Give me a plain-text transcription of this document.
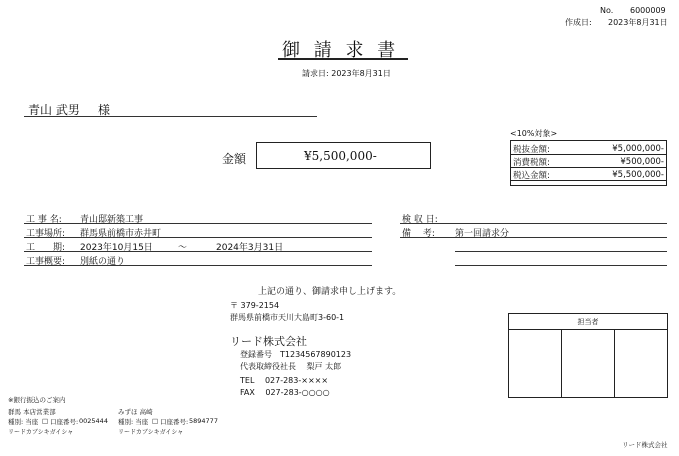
No. 6000009
作成日: 2023年8月31日
御 請 求 書
請求日: 2023年8月31日
青山 武男 様
金額	¥5,500,000-
<10%対象>
税抜金額:	¥5,000,000-
消費税額:	¥500,000-
税込金額:	¥5,500,000-
工 事 名: 青山邸新築工事
工事場所: 群馬県前橋市赤井町
工　　期: 2023年10月15日	〜	2024年3月31日
工事概要: 別紙の通り
検 収 日:
備　 考: 第一回請求分
上記の通り、御請求申し上げます。
〒 379-2154
群馬県前橋市天川大島町3-60-1
リード株式会社
登録番号　T1234567890123
代表取締役社長　 梨戸 太郎
TEL　 027-283-××××
FAX　 027-283-○○○○
担当者
※銀行振込のご案内
群馬 本店営業部
種別: 当座 □ 口座番号: 0025444
リードカブシキガイシャ
みずほ 高崎
種別: 当座 □ 口座番号: 5894777
リードカブシキガイシャ
リード株式会社
